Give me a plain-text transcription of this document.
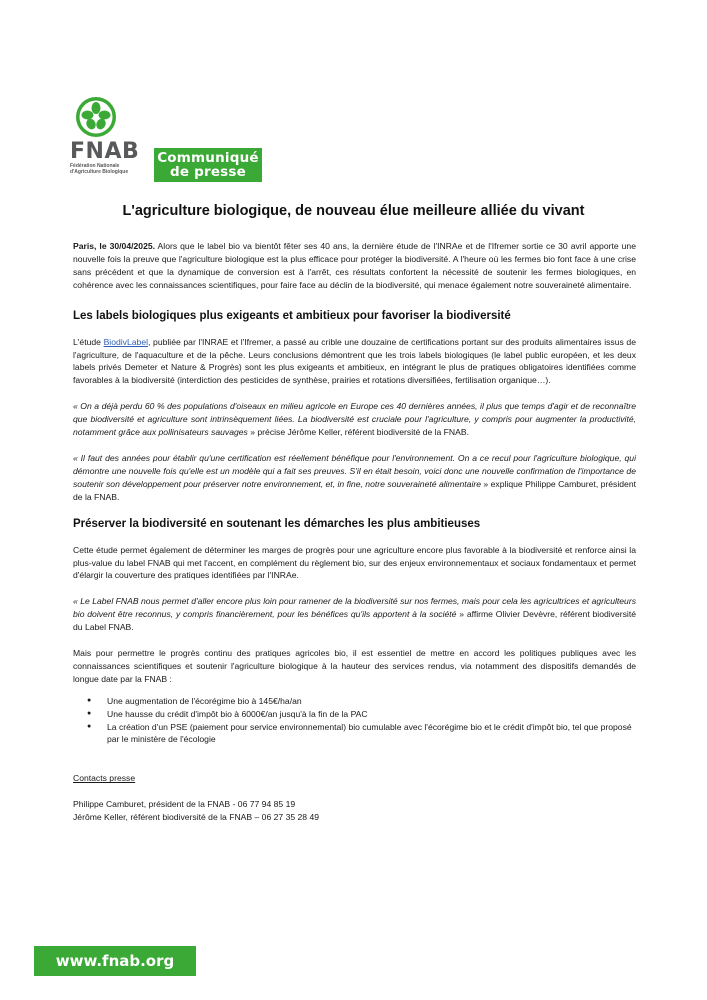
FNAB
Fédération Nationale
d'Agriculture Biologique
Communiqué
de presse
L'agriculture biologique, de nouveau élue meilleure alliée du vivant

Paris, le 30/04/2025. Alors que le label bio va bientôt fêter ses 40 ans, la dernière étude de l'INRAe et de l'Ifremer sortie ce 30 avril apporte une nouvelle fois la preuve que l'agriculture biologique est la plus efficace pour protéger la biodiversité. A l'heure où les fermes bio font face à une crise sans précédent et que la dynamique de conversion est à l'arrêt, ces résultats confortent la nécessité de soutenir les fermes biologiques, en cohérence avec les connaissances scientifiques, pour faire face au déclin de la biodiversité, qui menace également notre souveraineté alimentaire.

Les labels biologiques plus exigeants et ambitieux pour favoriser la biodiversité

L'étude BiodivLabel, publiée par l'INRAE et l'Ifremer, a passé au crible une douzaine de certifications portant sur des produits alimentaires issus de l'agriculture, de l'aquaculture et de la pêche. Leurs conclusions démontrent que les trois labels biologiques (le label public européen, et les deux labels privés Demeter et Nature & Progrès) sont les plus exigeants et ambitieux, en intégrant le plus de pratiques obligatoires identifiées comme favorables à la biodiversité (interdiction des pesticides de synthèse, prairies et rotations diversifiées, fertilisation organique…).

« On a déjà perdu 60 % des populations d'oiseaux en milieu agricole en Europe ces 40 dernières années, il plus que temps d'agir et de reconnaître que biodiversité et agriculture sont intrinsèquement liées. La biodiversité est cruciale pour l'agriculture, y compris pour augmenter la productivité, notamment grâce aux pollinisateurs sauvages » précise Jérôme Keller, référent biodiversité de la FNAB.

« Il faut des années pour établir qu'une certification est réellement bénéfique pour l'environnement. On a ce recul pour l'agriculture biologique, qui démontre une nouvelle fois qu'elle est un modèle qui a fait ses preuves. S'il en était besoin, voici donc une nouvelle confirmation de l'importance de soutenir son développement pour préserver notre environnement, et, in fine, notre souveraineté alimentaire » explique Philippe Camburet, président de la FNAB.

Préserver la biodiversité en soutenant les démarches les plus ambitieuses

Cette étude permet également de déterminer les marges de progrès pour une agriculture encore plus favorable à la biodiversité et renforce ainsi la plus-value du label FNAB qui met l'accent, en complément du règlement bio, sur des enjeux environnementaux et sociaux fondamentaux et permet d'élargir la couverture des pratiques identifiées par l'INRAe.

« Le Label FNAB nous permet d'aller encore plus loin pour ramener de la biodiversité sur nos fermes, mais pour cela les agricultrices et agriculteurs bio doivent être reconnus, y compris financièrement, pour les bénéfices qu'ils apportent à la société » affirme Olivier Devèvre, référent biodiversité du Label FNAB.

Mais pour permettre le progrès continu des pratiques agricoles bio, il est essentiel de mettre en accord les politiques publiques avec les connaissances scientifiques et soutenir l'agriculture biologique à la hauteur des services rendus, via notamment des dispositifs demandés de longue date par la FNAB :

● Une augmentation de l'écorégime bio à 145€/ha/an
● Une hausse du crédit d'impôt bio à 6000€/an jusqu'à la fin de la PAC
● La création d'un PSE (paiement pour service environnemental) bio cumulable avec l'écorégime bio et le crédit d'impôt bio, tel que proposé par le ministère de l'écologie

Contacts presse

Philippe Camburet, président de la FNAB - 06 77 94 85 19

Jérôme Keller, référent biodiversité de la FNAB – 06 27 35 28 49

www.fnab.org
